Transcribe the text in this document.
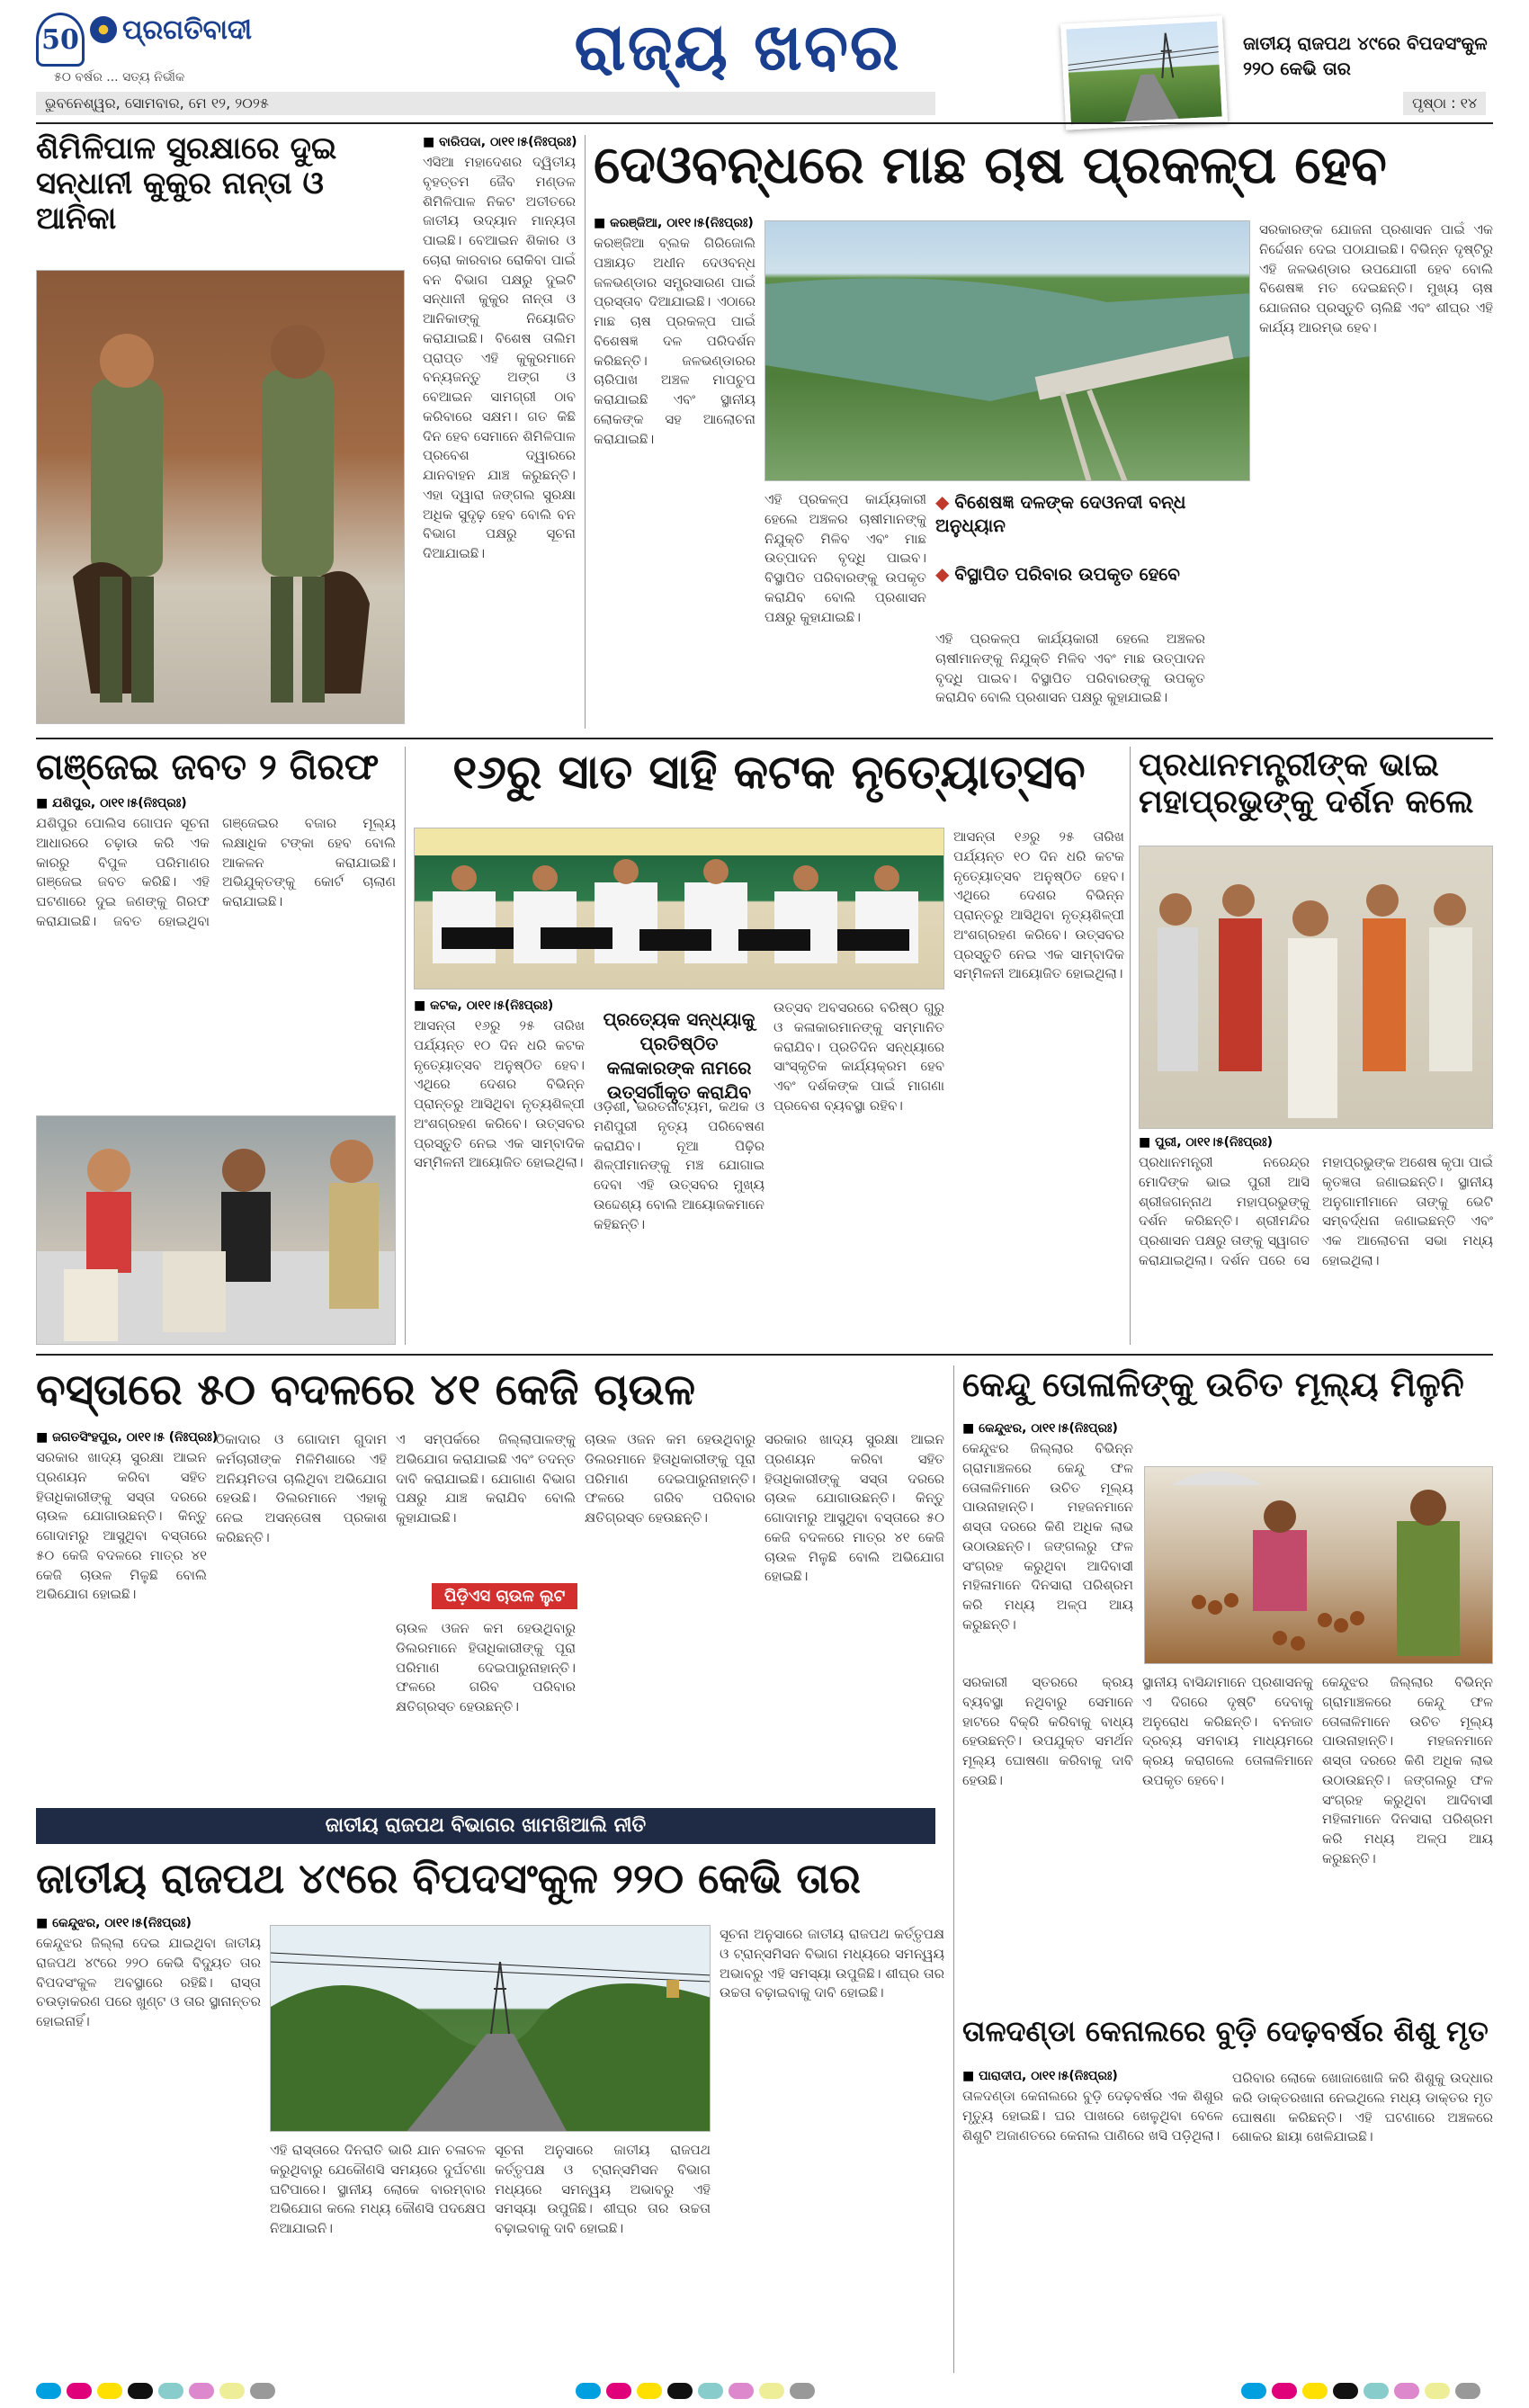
50 ପ୍ରଗତିବାଦୀ
୫୦ ବର୍ଷର ... ସତ୍ୟ ନିର୍ଭୀକ	ରାଜ୍ୟ ଖବର	ଜାତୀୟ ରାଜପଥ ୪୯ରେ ବିପଦସଂକୁଳ ୨୨୦ କେଭି ତାର
ଭୁବନେଶ୍ୱର, ସୋମବାର, ମେ ୧୨, ୨୦୨୫	ପୃଷ୍ଠା : ୧୪
ଶିମିଳିପାଳ ସୁରକ୍ଷାରେ ଦୁଇ ସନ୍ଧାନୀ କୁକୁର ନାନ୍ତା ଓ ଆନିକା
■ ବାରିପଦା, ଠା୧୧।୫(ନିଃପ୍ରଃ)
ଏସିଆ ମହାଦେଶର ଦ୍ୱିତୀୟ ବୃହତ୍ତମ ଜୈବ ମଣ୍ଡଳ ଶିମିଳିପାଳ ନିକଟ ଅତୀତରେ ଜାତୀୟ ଉଦ୍ୟାନ ମାନ୍ୟତା ପାଇଛି। ବେଆଇନ ଶିକାର ଓ ଚୋରା କାରବାର ରୋକିବା ପାଇଁ ବନ ବିଭାଗ ପକ୍ଷରୁ ଦୁଇଟି ସନ୍ଧାନୀ କୁକୁର ନାନ୍ତା ଓ ଆନିକାଙ୍କୁ ନିୟୋଜିତ କରାଯାଇଛି। ବିଶେଷ ତାଲିମ ପ୍ରାପ୍ତ ଏହି କୁକୁରମାନେ ବନ୍ୟଜନ୍ତୁ ଅଙ୍ଗ ଓ ବେଆଇନ ସାମଗ୍ରୀ ଠାବ କରିବାରେ ସକ୍ଷମ। ଗତ କିଛି ଦିନ ହେବ ସେମାନେ ଶିମିଳିପାଳ ପ୍ରବେଶ ଦ୍ୱାରରେ ଯାନବାହନ ଯାଞ୍ଚ କରୁଛନ୍ତି। ଏହା ଦ୍ୱାରା ଜଙ୍ଗଲ ସୁରକ୍ଷା ଅଧିକ ସୁଦୃଢ଼ ହେବ ବୋଲି ବନ ବିଭାଗ ପକ୍ଷରୁ ସୂଚନା ଦିଆଯାଇଛି।
ଦେଓବନ୍ଧରେ ମାଛ ଚାଷ ପ୍ରକଳ୍ପ ହେବ
■ କରଞ୍ଜିଆ, ଠା୧୧।୫(ନିଃପ୍ରଃ)
କରଞ୍ଜିଆ ବ୍ଲକ ଗିରିଜୋଲି ପଞ୍ଚାୟତ ଅଧୀନ ଦେଓବନ୍ଧ ଜଳଭଣ୍ଡାର ସମ୍ପ୍ରସାରଣ ପାଇଁ ପ୍ରସ୍ତାବ ଦିଆଯାଇଛି। ଏଠାରେ ମାଛ ଚାଷ ପ୍ରକଳ୍ପ ପାଇଁ ବିଶେଷଜ୍ଞ ଦଳ ପରିଦର୍ଶନ କରିଛନ୍ତି। ଜଳଭଣ୍ଡାରର ଚାରିପାଖ ଅଞ୍ଚଳ ମାପଚୁପ କରାଯାଇଛି ଏବଂ ସ୍ଥାନୀୟ ଲୋକଙ୍କ ସହ ଆଲୋଚନା କରାଯାଇଛି।
ଏହି ପ୍ରକଳ୍ପ କାର୍ଯ୍ୟକାରୀ ହେଲେ ଅଞ୍ଚଳର ଚାଷୀମାନଙ୍କୁ ନିଯୁକ୍ତି ମିଳିବ ଏବଂ ମାଛ ଉତ୍ପାଦନ ବୃଦ୍ଧି ପାଇବ। ବିସ୍ଥାପିତ ପରିବାରଙ୍କୁ ଉପକୃତ କରାଯିବ ବୋଲି ପ୍ରଶାସନ ପକ୍ଷରୁ କୁହାଯାଇଛି।
◆ ବିଶେଷଜ୍ଞ ଦଳଙ୍କ ଦେଓନଦୀ ବନ୍ଧ ଅନୁଧ୍ୟାନ
◆ ବିସ୍ଥାପିତ ପରିବାର ଉପକୃତ ହେବେ
ଏହି ପ୍ରକଳ୍ପ କାର୍ଯ୍ୟକାରୀ ହେଲେ ଅଞ୍ଚଳର ଚାଷୀମାନଙ୍କୁ ନିଯୁକ୍ତି ମିଳିବ ଏବଂ ମାଛ ଉତ୍ପାଦନ ବୃଦ୍ଧି ପାଇବ। ବିସ୍ଥାପିତ ପରିବାରଙ୍କୁ ଉପକୃତ କରାଯିବ ବୋଲି ପ୍ରଶାସନ ପକ୍ଷରୁ କୁହାଯାଇଛି।
ସରକାରଙ୍କ ଯୋଜନା ପ୍ରଶାସନ ପାଇଁ ଏକ ନିର୍ଦ୍ଦେଶନ ଦେଇ ପଠାଯାଇଛି। ବିଭିନ୍ନ ଦୃଷ୍ଟିରୁ ଏହି ଜଳଭଣ୍ଡାର ଉପଯୋଗୀ ହେବ ବୋଲି ବିଶେଷଜ୍ଞ ମତ ଦେଇଛନ୍ତି। ମୁଖ୍ୟ ଚାଷ ଯୋଜନାର ପ୍ରସ୍ତୁତି ଚାଲିଛି ଏବଂ ଶୀଘ୍ର ଏହି କାର୍ଯ୍ୟ ଆରମ୍ଭ ହେବ।
ଗଞ୍ଜେଇ ଜବତ ୨ ଗିରଫ
■ ଯଶିପୁର, ଠା୧୧।୫(ନିଃପ୍ରଃ)
ଯଶିପୁର ପୋଲିସ ଗୋପନ ସୂଚନା ଆଧାରରେ ଚଢ଼ାଉ କରି ଏକ କାରରୁ ବିପୁଳ ପରିମାଣର ଗଞ୍ଜେଇ ଜବତ କରିଛି। ଏହି ଘଟଣାରେ ଦୁଇ ଜଣଙ୍କୁ ଗିରଫ କରାଯାଇଛି। ଜବତ ହୋଇଥିବା ଗଞ୍ଜେଇର ବଜାର ମୂଲ୍ୟ ଲକ୍ଷାଧିକ ଟଙ୍କା ହେବ ବୋଲି ଆକଳନ କରାଯାଇଛି। ଅଭିଯୁକ୍ତଙ୍କୁ କୋର୍ଟ ଚାଲାଣ କରାଯାଇଛି।
୧୬ରୁ ସାତ ସାହି କଟକ ନୃତ୍ୟୋତ୍ସବ
■ କଟକ, ଠା୧୧।୫(ନିଃପ୍ରଃ)
ଆସନ୍ତା ୧୬ରୁ ୨୫ ତାରିଖ ପର୍ଯ୍ୟନ୍ତ ୧୦ ଦିନ ଧରି କଟକ ନୃତ୍ୟୋତ୍ସବ ଅନୁଷ୍ଠିତ ହେବ। ଏଥିରେ ଦେଶର ବିଭିନ୍ନ ପ୍ରାନ୍ତରୁ ଆସିଥିବା ନୃତ୍ୟଶିଳ୍ପୀ ଅଂଶଗ୍ରହଣ କରିବେ। ଉତ୍ସବର ପ୍ରସ୍ତୁତି ନେଇ ଏକ ସାମ୍ବାଦିକ ସମ୍ମିଳନୀ ଆୟୋଜିତ ହୋଇଥିଲା।
ପ୍ରତ୍ୟେକ ସନ୍ଧ୍ୟାକୁ ପ୍ରତିଷ୍ଠିତ କଳାକାରଙ୍କ ନାମରେ ଉତ୍ସର୍ଗୀକୃତ କରାଯିବ
ଓଡ଼ିଶୀ, ଭରତନାଟ୍ୟମ, କଥକ ଓ ମଣିପୁରୀ ନୃତ୍ୟ ପରିବେଷଣ କରାଯିବ। ନୂଆ ପିଢ଼ିର ଶିଳ୍ପୀମାନଙ୍କୁ ମଞ୍ଚ ଯୋଗାଇ ଦେବା ଏହି ଉତ୍ସବର ମୁଖ୍ୟ ଉଦ୍ଦେଶ୍ୟ ବୋଲି ଆୟୋଜକମାନେ କହିଛନ୍ତି।
ଉତ୍ସବ ଅବସରରେ ବରିଷ୍ଠ ଗୁରୁ ଓ କଳାକାରମାନଙ୍କୁ ସମ୍ମାନିତ କରାଯିବ। ପ୍ରତିଦିନ ସନ୍ଧ୍ୟାରେ ସାଂସ୍କୃତିକ କାର୍ଯ୍ୟକ୍ରମ ହେବ ଏବଂ ଦର୍ଶକଙ୍କ ପାଇଁ ମାଗଣା ପ୍ରବେଶ ବ୍ୟବସ୍ଥା ରହିବ।
ଆସନ୍ତା ୧୬ରୁ ୨୫ ତାରିଖ ପର୍ଯ୍ୟନ୍ତ ୧୦ ଦିନ ଧରି କଟକ ନୃତ୍ୟୋତ୍ସବ ଅନୁଷ୍ଠିତ ହେବ। ଏଥିରେ ଦେଶର ବିଭିନ୍ନ ପ୍ରାନ୍ତରୁ ଆସିଥିବା ନୃତ୍ୟଶିଳ୍ପୀ ଅଂଶଗ୍ରହଣ କରିବେ। ଉତ୍ସବର ପ୍ରସ୍ତୁତି ନେଇ ଏକ ସାମ୍ବାଦିକ ସମ୍ମିଳନୀ ଆୟୋଜିତ ହୋଇଥିଲା।
ପ୍ରଧାନମନ୍ତ୍ରୀଙ୍କ ଭାଇ ମହାପ୍ରଭୁଙ୍କୁ ଦର୍ଶନ କଲେ
■ ପୁରୀ, ଠା୧୧।୫(ନିଃପ୍ରଃ)
ପ୍ରଧାନମନ୍ତ୍ରୀ ନରେନ୍ଦ୍ର ମୋଦିଙ୍କ ଭାଇ ପୁରୀ ଆସି ଶ୍ରୀଜଗନ୍ନାଥ ମହାପ୍ରଭୁଙ୍କୁ ଦର୍ଶନ କରିଛନ୍ତି। ଶ୍ରୀମନ୍ଦିର ପ୍ରଶାସନ ପକ୍ଷରୁ ତାଙ୍କୁ ସ୍ୱାଗତ କରାଯାଇଥିଲା। ଦର୍ଶନ ପରେ ସେ ମହାପ୍ରଭୁଙ୍କ ଅଶେଷ କୃପା ପାଇଁ କୃତଜ୍ଞତା ଜଣାଇଛନ୍ତି। ସ୍ଥାନୀୟ ଅନୁଗାମୀମାନେ ତାଙ୍କୁ ଭେଟି ସମ୍ବର୍ଦ୍ଧନା ଜଣାଇଛନ୍ତି ଏବଂ ଏକ ଆଲୋଚନା ସଭା ମଧ୍ୟ ହୋଇଥିଲା।
ବସ୍ତାରେ ୫୦ ବଦଳରେ ୪୧ କେଜି ଚାଉଳ
■ ଜଗତସିଂହପୁର, ଠା୧୧।୫ (ନିଃପ୍ରଃ)
ସରକାର ଖାଦ୍ୟ ସୁରକ୍ଷା ଆଇନ ପ୍ରଣୟନ କରିବା ସହିତ ହିତାଧିକାରୀଙ୍କୁ ସସ୍ତା ଦରରେ ଚାଉଳ ଯୋଗାଉଛନ୍ତି। କିନ୍ତୁ ଗୋଦାମରୁ ଆସୁଥିବା ବସ୍ତାରେ ୫୦ କେଜି ବଦଳରେ ମାତ୍ର ୪୧ କେଜି ଚାଉଳ ମିଳୁଛି ବୋଲି ଅଭିଯୋଗ ହୋଇଛି।
ଠିକାଦାର ଓ ଗୋଦାମ ଗୁଦାମ କର୍ମଚାରୀଙ୍କ ମିଳିମିଶାରେ ଏହି ଅନିୟମିତତା ଚାଲିଥିବା ଅଭିଯୋଗ ହେଉଛି। ଡିଲରମାନେ ଏହାକୁ ନେଇ ଅସନ୍ତୋଷ ପ୍ରକାଶ କରିଛନ୍ତି।
ପିଡ଼ିଏସ ଚାଉଳ ଲୁଟ
ଏ ସମ୍ପର୍କରେ ଜିଲ୍ଲାପାଳଙ୍କୁ ଅଭିଯୋଗ କରାଯାଇଛି ଏବଂ ତଦନ୍ତ ଦାବି କରାଯାଇଛି। ଯୋଗାଣ ବିଭାଗ ପକ୍ଷରୁ ଯାଞ୍ଚ କରାଯିବ ବୋଲି କୁହାଯାଇଛି।
ଚାଉଳ ଓଜନ କମ ହେଉଥିବାରୁ ଡିଲରମାନେ ହିତାଧିକାରୀଙ୍କୁ ପୂରା ପରିମାଣ ଦେଇପାରୁନାହାନ୍ତି। ଫଳରେ ଗରିବ ପରିବାର କ୍ଷତିଗ୍ରସ୍ତ ହେଉଛନ୍ତି।
ଚାଉଳ ଓଜନ କମ ହେଉଥିବାରୁ ଡିଲରମାନେ ହିତାଧିକାରୀଙ୍କୁ ପୂରା ପରିମାଣ ଦେଇପାରୁନାହାନ୍ତି। ଫଳରେ ଗରିବ ପରିବାର କ୍ଷତିଗ୍ରସ୍ତ ହେଉଛନ୍ତି।
ସରକାର ଖାଦ୍ୟ ସୁରକ୍ଷା ଆଇନ ପ୍ରଣୟନ କରିବା ସହିତ ହିତାଧିକାରୀଙ୍କୁ ସସ୍ତା ଦରରେ ଚାଉଳ ଯୋଗାଉଛନ୍ତି। କିନ୍ତୁ ଗୋଦାମରୁ ଆସୁଥିବା ବସ୍ତାରେ ୫୦ କେଜି ବଦଳରେ ମାତ୍ର ୪୧ କେଜି ଚାଉଳ ମିଳୁଛି ବୋଲି ଅଭିଯୋଗ ହୋଇଛି।
କେନ୍ଦୁ ତୋଳାଳିଙ୍କୁ ଉଚିତ ମୂଲ୍ୟ ମିଳୁନି
■ କେନ୍ଦୁଝର, ଠା୧୧।୫(ନିଃପ୍ରଃ)
କେନ୍ଦୁଝର ଜିଲ୍ଲାର ବିଭିନ୍ନ ଗ୍ରାମାଞ୍ଚଳରେ କେନ୍ଦୁ ଫଳ ତୋଳାଳିମାନେ ଉଚିତ ମୂଲ୍ୟ ପାଉନାହାନ୍ତି। ମହଜନମାନେ ଶସ୍ତା ଦରରେ କିଣି ଅଧିକ ଲାଭ ଉଠାଉଛନ୍ତି। ଜଙ୍ଗଲରୁ ଫଳ ସଂଗ୍ରହ କରୁଥିବା ଆଦିବାସୀ ମହିଳାମାନେ ଦିନସାରା ପରିଶ୍ରମ କରି ମଧ୍ୟ ଅଳ୍ପ ଆୟ କରୁଛନ୍ତି।
ସରକାରୀ ସ୍ତରରେ କ୍ରୟ ବ୍ୟବସ୍ଥା ନଥିବାରୁ ସେମାନେ ହାଟରେ ବିକ୍ରି କରିବାକୁ ବାଧ୍ୟ ହେଉଛନ୍ତି। ଉପଯୁକ୍ତ ସମର୍ଥନ ମୂଲ୍ୟ ଘୋଷଣା କରିବାକୁ ଦାବି ହେଉଛି।
ସ୍ଥାନୀୟ ବାସିନ୍ଦାମାନେ ପ୍ରଶାସନକୁ ଏ ଦିଗରେ ଦୃଷ୍ଟି ଦେବାକୁ ଅନୁରୋଧ କରିଛନ୍ତି। ବନଜାତ ଦ୍ରବ୍ୟ ସମବାୟ ମାଧ୍ୟମରେ କ୍ରୟ କରାଗଲେ ତୋଳାଳିମାନେ ଉପକୃତ ହେବେ।
କେନ୍ଦୁଝର ଜିଲ୍ଲାର ବିଭିନ୍ନ ଗ୍ରାମାଞ୍ଚଳରେ କେନ୍ଦୁ ଫଳ ତୋଳାଳିମାନେ ଉଚିତ ମୂଲ୍ୟ ପାଉନାହାନ୍ତି। ମହଜନମାନେ ଶସ୍ତା ଦରରେ କିଣି ଅଧିକ ଲାଭ ଉଠାଉଛନ୍ତି। ଜଙ୍ଗଲରୁ ଫଳ ସଂଗ୍ରହ କରୁଥିବା ଆଦିବାସୀ ମହିଳାମାନେ ଦିନସାରା ପରିଶ୍ରମ କରି ମଧ୍ୟ ଅଳ୍ପ ଆୟ କରୁଛନ୍ତି।
ଜାତୀୟ ରାଜପଥ ବିଭାଗର ଖାମଖିଆଲି ନୀତି
ଜାତୀୟ ରାଜପଥ ୪୯ରେ ବିପଦସଂକୁଳ ୨୨୦ କେଭି ତାର
■ କେନ୍ଦୁଝର, ଠା୧୧।୫(ନିଃପ୍ରଃ)
କେନ୍ଦୁଝର ଜିଲ୍ଲା ଦେଇ ଯାଇଥିବା ଜାତୀୟ ରାଜପଥ ୪୯ରେ ୨୨୦ କେଭି ବିଦ୍ୟୁତ ତାର ବିପଦସଂକୁଳ ଅବସ୍ଥାରେ ରହିଛି। ରାସ୍ତା ଚଉଡ଼ାକରଣ ପରେ ଖୁଣ୍ଟ ଓ ତାର ସ୍ଥାନାନ୍ତର ହୋଇନାହିଁ।
ଏହି ରାସ୍ତାରେ ଦିନରାତି ଭାରି ଯାନ ଚଳାଚଳ କରୁଥିବାରୁ ଯେକୌଣସି ସମୟରେ ଦୁର୍ଘଟଣା ଘଟିପାରେ। ସ୍ଥାନୀୟ ଲୋକେ ବାରମ୍ବାର ଅଭିଯୋଗ କଲେ ମଧ୍ୟ କୌଣସି ପଦକ୍ଷେପ ନିଆଯାଇନି।
ସୂଚନା ଅନୁସାରେ ଜାତୀୟ ରାଜପଥ କର୍ତ୍ତୃପକ୍ଷ ଓ ଟ୍ରାନ୍ସମିସନ ବିଭାଗ ମଧ୍ୟରେ ସମନ୍ୱୟ ଅଭାବରୁ ଏହି ସମସ୍ୟା ଉପୁଜିଛି। ଶୀଘ୍ର ତାର ଉଚ୍ଚତା ବଢ଼ାଇବାକୁ ଦାବି ହୋଇଛି।
ସୂଚନା ଅନୁସାରେ ଜାତୀୟ ରାଜପଥ କର୍ତ୍ତୃପକ୍ଷ ଓ ଟ୍ରାନ୍ସମିସନ ବିଭାଗ ମଧ୍ୟରେ ସମନ୍ୱୟ ଅଭାବରୁ ଏହି ସମସ୍ୟା ଉପୁଜିଛି। ଶୀଘ୍ର ତାର ଉଚ୍ଚତା ବଢ଼ାଇବାକୁ ଦାବି ହୋଇଛି।
ତାଳଦଣ୍ଡା କେନାଲରେ ବୁଡ଼ି ଦେଢ଼ବର୍ଷର ଶିଶୁ ମୃତ
■ ପାରାଦୀପ, ଠା୧୧।୫(ନିଃପ୍ରଃ)
ତାଳଦଣ୍ଡା କେନାଲରେ ବୁଡ଼ି ଦେଢ଼ବର୍ଷର ଏକ ଶିଶୁର ମୃତ୍ୟୁ ହୋଇଛି। ଘର ପାଖରେ ଖେଳୁଥିବା ବେଳେ ଶିଶୁଟି ଅଜାଣତରେ କେନାଲ ପାଣିରେ ଖସି ପଡ଼ିଥିଲା।
ପରିବାର ଲୋକେ ଖୋଜାଖୋଜି କରି ଶିଶୁକୁ ଉଦ୍ଧାର କରି ଡାକ୍ତରଖାନା ନେଇଥିଲେ ମଧ୍ୟ ଡାକ୍ତର ମୃତ ଘୋଷଣା କରିଛନ୍ତି। ଏହି ଘଟଣାରେ ଅଞ୍ଚଳରେ ଶୋକର ଛାୟା ଖେଳିଯାଇଛି।
